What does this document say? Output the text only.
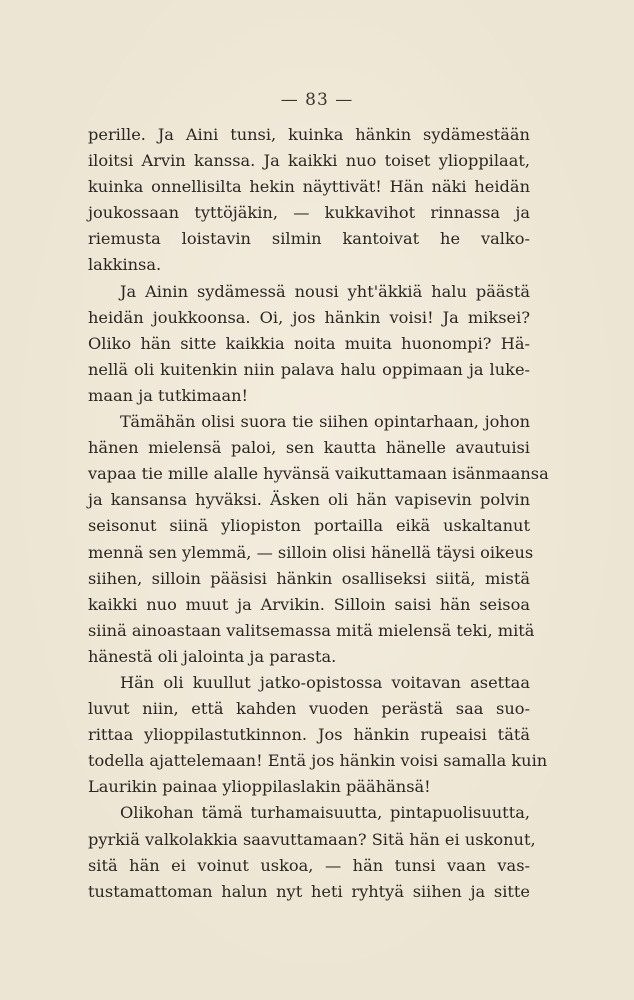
— 83 —
perille. Ja Aini tunsi, kuinka hänkin sydämestään
iloitsi Arvin kanssa. Ja kaikki nuo toiset ylioppilaat,
kuinka onnellisilta hekin näyttivät! Hän näki heidän
joukossaan tyttöjäkin, — kukkavihot rinnassa ja
riemusta loistavin silmin kantoivat he valko-
lakkinsa.
Ja Ainin sydämessä nousi yht'äkkiä halu päästä
heidän joukkoonsa. Oi, jos hänkin voisi! Ja miksei?
Oliko hän sitte kaikkia noita muita huonompi? Hä-
nellä oli kuitenkin niin palava halu oppimaan ja luke-
maan ja tutkimaan!
Tämähän olisi suora tie siihen opintarhaan, johon
hänen mielensä paloi, sen kautta hänelle avautuisi
vapaa tie mille alalle hyvänsä vaikuttamaan isänmaansa
ja kansansa hyväksi. Äsken oli hän vapisevin polvin
seisonut siinä yliopiston portailla eikä uskaltanut
mennä sen ylemmä, — silloin olisi hänellä täysi oikeus
siihen, silloin pääsisi hänkin osalliseksi siitä, mistä
kaikki nuo muut ja Arvikin. Silloin saisi hän seisoa
siinä ainoastaan valitsemassa mitä mielensä teki, mitä
hänestä oli jalointa ja parasta.
Hän oli kuullut jatko-opistossa voitavan asettaa
luvut niin, että kahden vuoden perästä saa suo-
rittaa ylioppilastutkinnon. Jos hänkin rupeaisi tätä
todella ajattelemaan! Entä jos hänkin voisi samalla kuin
Laurikin painaa ylioppilaslakin päähänsä!
Olikohan tämä turhamaisuutta, pintapuolisuutta,
pyrkiä valkolakkia saavuttamaan? Sitä hän ei uskonut,
sitä hän ei voinut uskoa, — hän tunsi vaan vas-
tustamattoman halun nyt heti ryhtyä siihen ja sitte
